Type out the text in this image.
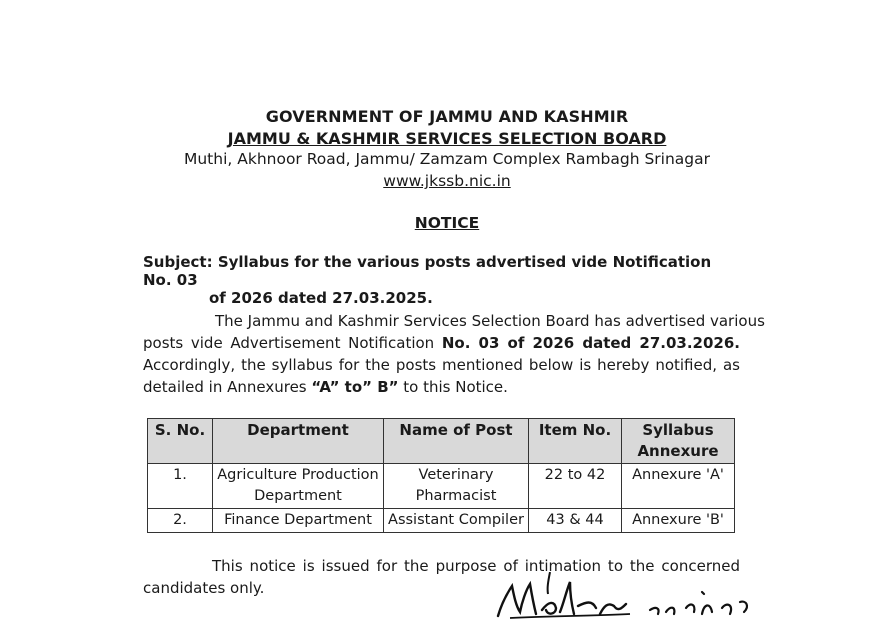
GOVERNMENT OF JAMMU AND KASHMIR
JAMMU & KASHMIR SERVICES SELECTION BOARD
Muthi, Akhnoor Road, Jammu/ Zamzam Complex Rambagh Srinagar
www.jkssb.nic.in
NOTICE
Subject: Syllabus for the various posts advertised vide Notification No. 03
of 2026 dated 27.03.2025.
The Jammu and Kashmir Services Selection Board has advertised various
posts vide Advertisement Notification No. 03 of 2026 dated 27.03.2026.
Accordingly, the syllabus for the posts mentioned below is hereby notified, as
detailed in Annexures “A” to” B” to this Notice.
S. No.	Department	Name of Post	Item No.	Syllabus Annexure
1.	Agriculture Production Department	Veterinary Pharmacist	22 to 42	Annexure 'A'
2.	Finance Department	Assistant Compiler	43 & 44	Annexure 'B'
This notice is issued for the purpose of intimation to the concerned
candidates only.
